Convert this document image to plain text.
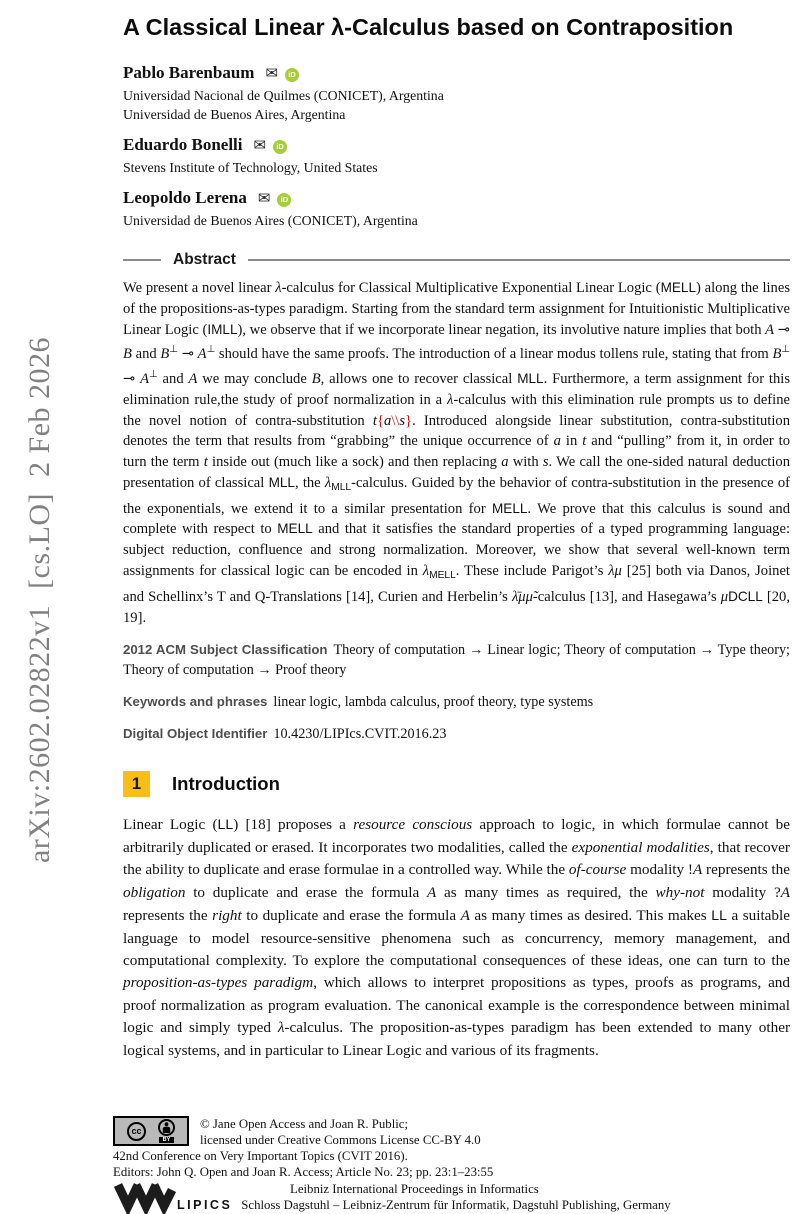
arXiv:2602.02822v1  [cs.LO]  2 Feb 2026
A Classical Linear λ-Calculus based on Contraposition
Pablo Barenbaum ✉ iD
Universidad Nacional de Quilmes (CONICET), Argentina
Universidad de Buenos Aires, Argentina
Eduardo Bonelli ✉ iD
Stevens Institute of Technology, United States
Leopoldo Lerena ✉ iD
Universidad de Buenos Aires (CONICET), Argentina
Abstract
We present a novel linear λ-calculus for Classical Multiplicative Exponential Linear Logic (MELL) along the lines of the propositions-as-types paradigm. Starting from the standard term assignment for Intuitionistic Multiplicative Linear Logic (IMLL), we observe that if we incorporate linear negation, its involutive nature implies that both A ⊸ B and B⊥ ⊸ A⊥ should have the same proofs. The introduction of a linear modus tollens rule, stating that from B⊥ ⊸ A⊥ and A we may conclude B, allows one to recover classical MLL. Furthermore, a term assignment for this elimination rule,the study of proof normalization in a λ-calculus with this elimination rule prompts us to define the novel notion of contra-substitution t{a\\s}. Introduced alongside linear substitution, contra-substitution denotes the term that results from “grabbing” the unique occurrence of a in t and “pulling” from it, in order to turn the term t inside out (much like a sock) and then replacing a with s. We call the one-sided natural deduction presentation of classical MLL, the $\lambda_{MLL}$-calculus. Guided by the behavior of contra-substitution in the presence of the exponentials, we extend it to a similar presentation for MELL. We prove that this calculus is sound and complete with respect to MELL and that it satisfies the standard properties of a typed programming language: subject reduction, confluence and strong normalization. Moreover, we show that several well-known term assignments for classical logic can be encoded in $\lambda_{MELL}$. These include Parigot’s λμ [25] both via Danos, Joinet and Schellinx’s T and Q-Translations [14], Curien and Herbelin’s λ̄μμ̃-calculus [13], and Hasegawa’s μDCLL [20, 19].
2012 ACM Subject Classification Theory of computation → Linear logic; Theory of computation → Type theory; Theory of computation → Proof theory
Keywords and phrases linear logic, lambda calculus, proof theory, type systems
Digital Object Identifier 10.4230/LIPIcs.CVIT.2016.23
1	Introduction
Linear Logic (LL) [18] proposes a resource conscious approach to logic, in which formulae cannot be arbitrarily duplicated or erased. It incorporates two modalities, called the exponential modalities, that recover the ability to duplicate and erase formulae in a controlled way. While the of-course modality !A represents the obligation to duplicate and erase the formula A as many times as required, the why-not modality ?A represents the right to duplicate and erase the formula A as many times as desired. This makes LL a suitable language to model resource-sensitive phenomena such as concurrency, memory management, and computational complexity. To explore the computational consequences of these ideas, one can turn to the proposition-as-types paradigm, which allows to interpret propositions as types, proofs as programs, and proof normalization as program evaluation. The canonical example is the correspondence between minimal logic and simply typed λ-calculus. The proposition-as-types paradigm has been extended to many other logical systems, and in particular to Linear Logic and various of its fragments.
cc
BY
© Jane Open Access and Joan R. Public;
licensed under Creative Commons License CC-BY 4.0
42nd Conference on Very Important Topics (CVIT 2016).
Editors: John Q. Open and Joan R. Access; Article No. 23; pp. 23:1–23:55
Leibniz International Proceedings in Informatics
LIPICS Schloss Dagstuhl – Leibniz-Zentrum für Informatik, Dagstuhl Publishing, Germany
